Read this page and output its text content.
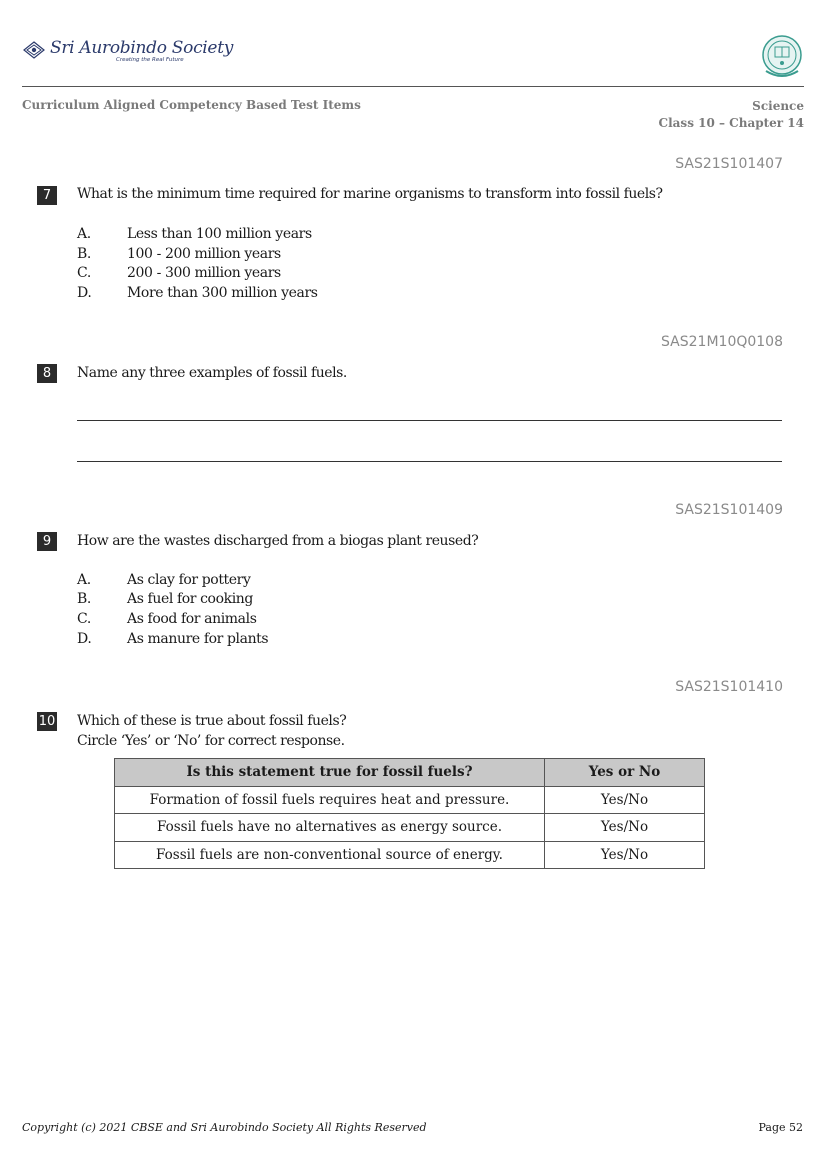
Sri Aurobindo Society
Creating the Real Future
Curriculum Aligned Competency Based Test Items	Science
Class 10 – Chapter 14
SAS21S101407
7	What is the minimum time required for marine organisms to transform into fossil fuels?
A.	Less than 100 million years
B.	100 - 200 million years
C.	200 - 300 million years
D.	More than 300 million years
SAS21M10Q0108
8	Name any three examples of fossil fuels.
SAS21S101409
9	How are the wastes discharged from a biogas plant reused?
A.	As clay for pottery
B.	As fuel for cooking
C.	As food for animals
D.	As manure for plants
SAS21S101410
10 Which of these is true about fossil fuels?
Circle ‘Yes’ or ‘No’ for correct response.
Is this statement true for fossil fuels?	Yes or No
Formation of fossil fuels requires heat and pressure.	Yes/No
Fossil fuels have no alternatives as energy source.	Yes/No
Fossil fuels are non-conventional source of energy.	Yes/No
Copyright (c) 2021 CBSE and Sri Aurobindo Society All Rights Reserved	Page 52
